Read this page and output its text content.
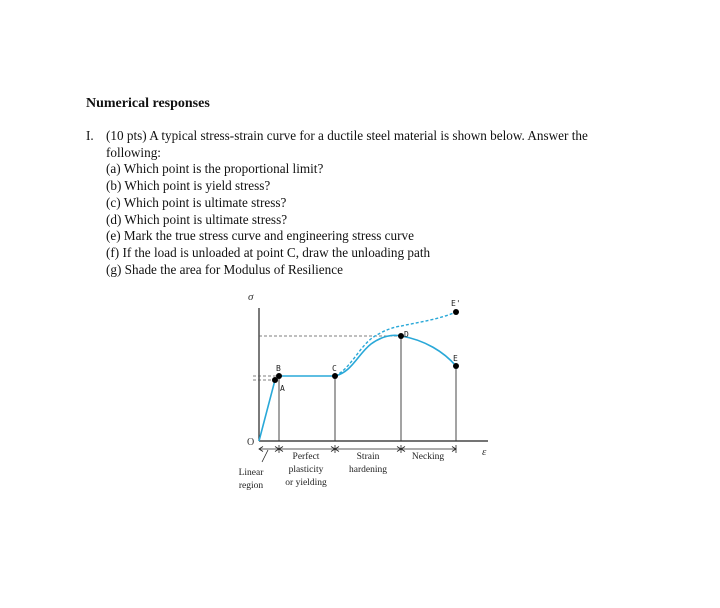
Numerical responses
I. (10 pts) A typical stress-strain curve for a ductile steel material is shown below. Answer the
following:
(a) Which point is the proportional limit?
(b) Which point is yield stress?
(c) Which point is ultimate stress?
(d) Which point is ultimate stress?
(e) Mark the true stress curve and engineering stress curve
(f) If the load is unloaded at point C, draw the unloading path
(g) Shade the area for Modulus of Resilience
σ
ε
O
A
B	C
D
E
E'
Linear
region
Perfect
plasticity
or yielding
Strain
hardening
Necking
